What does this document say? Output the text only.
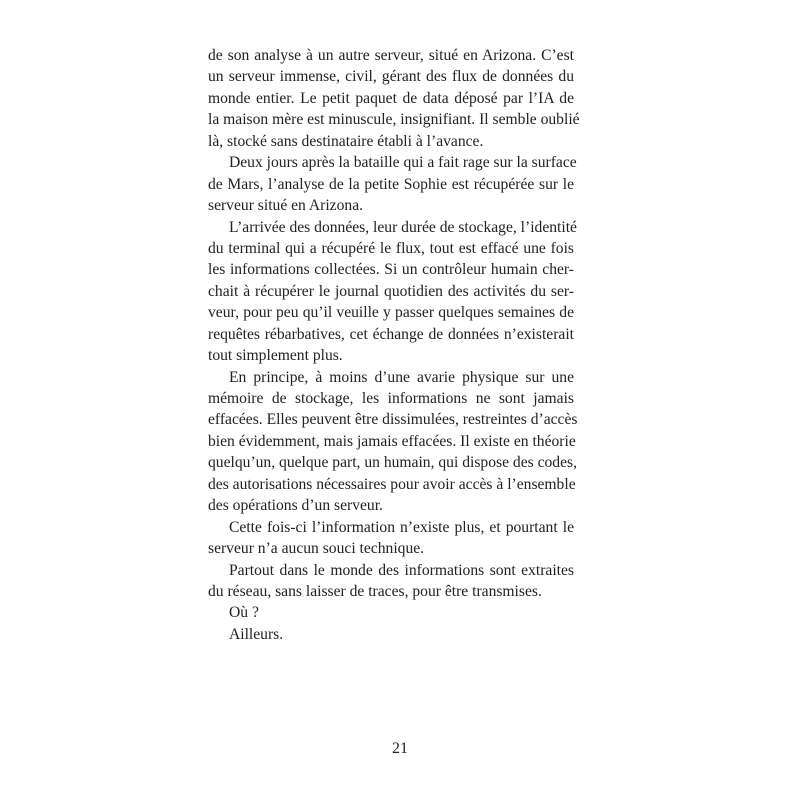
de son analyse à un autre serveur, situé en Arizona. C’est
un serveur immense, civil, gérant des flux de données du
monde entier. Le petit paquet de data déposé par l’IA de
la maison mère est minuscule, insignifiant. Il semble oublié
là, stocké sans destinataire établi à l’avance.
Deux jours après la bataille qui a fait rage sur la surface
de Mars, l’analyse de la petite Sophie est récupérée sur le
serveur situé en Arizona.
L’arrivée des données, leur durée de stockage, l’identité
du terminal qui a récupéré le flux, tout est effacé une fois
les informations collectées. Si un contrôleur humain cher-
chait à récupérer le journal quotidien des activités du ser-
veur, pour peu qu’il veuille y passer quelques semaines de
requêtes rébarbatives, cet échange de données n’existerait
tout simplement plus.
En principe, à moins d’une avarie physique sur une
mémoire de stockage, les informations ne sont jamais
effacées. Elles peuvent être dissimulées, restreintes d’accès
bien évidemment, mais jamais effacées. Il existe en théorie
quelqu’un, quelque part, un humain, qui dispose des codes,
des autorisations nécessaires pour avoir accès à l’ensemble
des opérations d’un serveur.
Cette fois-ci l’information n’existe plus, et pourtant le
serveur n’a aucun souci technique.
Partout dans le monde des informations sont extraites
du réseau, sans laisser de traces, pour être transmises.
Où ?
Ailleurs.
21
